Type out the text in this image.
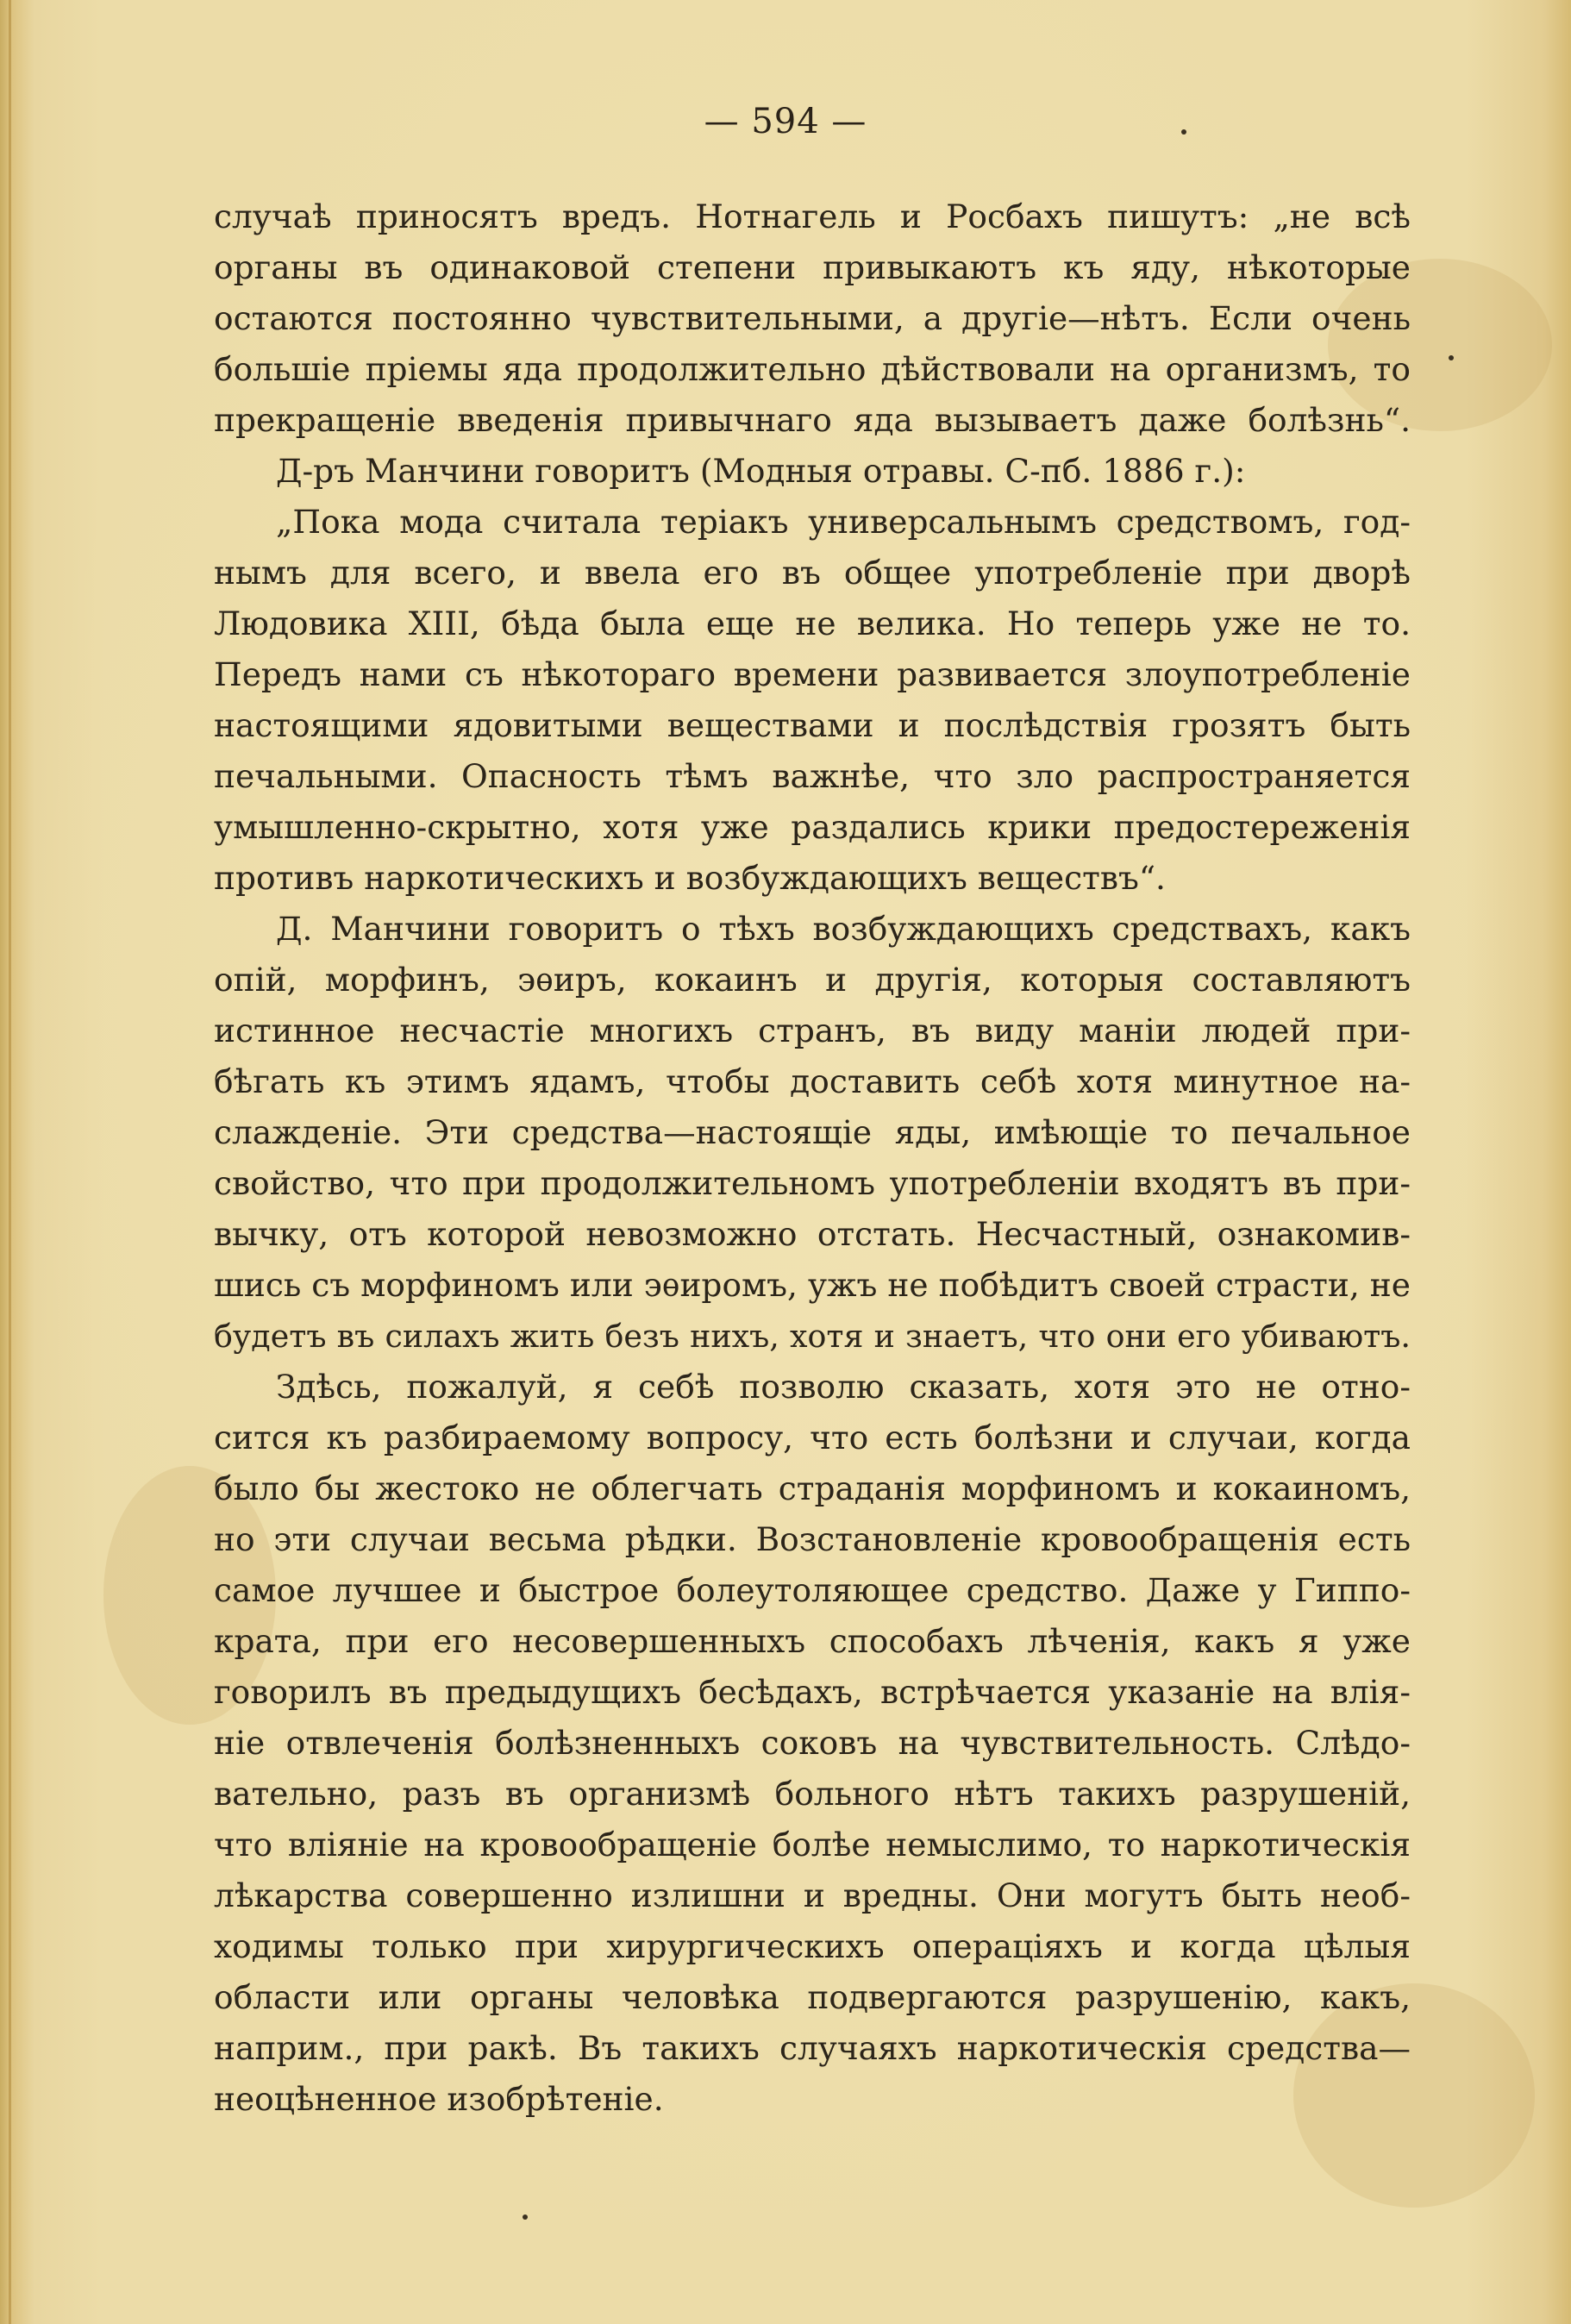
— 594 —
случаѣ приносятъ вредъ. Нотнагель и Росбахъ пишутъ: „не всѣ
органы въ одинаковой степени привыкаютъ къ яду, нѣкоторые
остаются постоянно чувствительными, а другіе—нѣтъ. Если очень
большіе пріемы яда продолжительно дѣйствовали на организмъ, то
прекращеніе введенія привычнаго яда вызываетъ даже болѣзнь“.
Д-ръ Манчини говоритъ (Модныя отравы. С-пб. 1886 г.):
„Пока мода считала теріакъ универсальнымъ средствомъ, год-
нымъ для всего, и ввела его въ общее употребленіе при дворѣ
Людовика XIII, бѣда была еще не велика. Но теперь уже не то.
Передъ нами съ нѣкотораго времени развивается злоупотребленіе
настоящими ядовитыми веществами и послѣдствія грозятъ быть
печальными. Опасность тѣмъ важнѣе, что зло распространяется
умышленно-скрытно, хотя уже раздались крики предостереженія
противъ наркотическихъ и возбуждающихъ веществъ“.
Д. Манчини говоритъ о тѣхъ возбуждающихъ средствахъ, какъ
опій, морфинъ, эѳиръ, кокаинъ и другія, которыя составляютъ
истинное несчастіе многихъ странъ, въ виду маніи людей при-
бѣгать къ этимъ ядамъ, чтобы доставить себѣ хотя минутное на-
слажденіе. Эти средства—настоящіе яды, имѣющіе то печальное
свойство, что при продолжительномъ употребленіи входятъ въ при-
вычку, отъ которой невозможно отстать. Несчастный, ознакомив-
шись съ морфиномъ или эѳиромъ, ужъ не побѣдитъ своей страсти, не
будетъ въ силахъ жить безъ нихъ, хотя и знаетъ, что они его убиваютъ.
Здѣсь, пожалуй, я себѣ позволю сказать, хотя это не отно-
сится къ разбираемому вопросу, что есть болѣзни и случаи, когда
было бы жестоко не облегчать страданія морфиномъ и кокаиномъ,
но эти случаи весьма рѣдки. Возстановленіе кровообращенія есть
самое лучшее и быстрое болеутоляющее средство. Даже у Гиппо-
крата, при его несовершенныхъ способахъ лѣченія, какъ я уже
говорилъ въ предыдущихъ бесѣдахъ, встрѣчается указаніе на влія-
ніе отвлеченія болѣзненныхъ соковъ на чувствительность. Слѣдо-
вательно, разъ въ организмѣ больного нѣтъ такихъ разрушеній,
что вліяніе на кровообращеніе болѣе немыслимо, то наркотическія
лѣкарства совершенно излишни и вредны. Они могутъ быть необ-
ходимы только при хирургическихъ операціяхъ и когда цѣлыя
области или органы человѣка подвергаются разрушенію, какъ,
наприм., при ракѣ. Въ такихъ случаяхъ наркотическія средства—
неоцѣненное изобрѣтеніе.
